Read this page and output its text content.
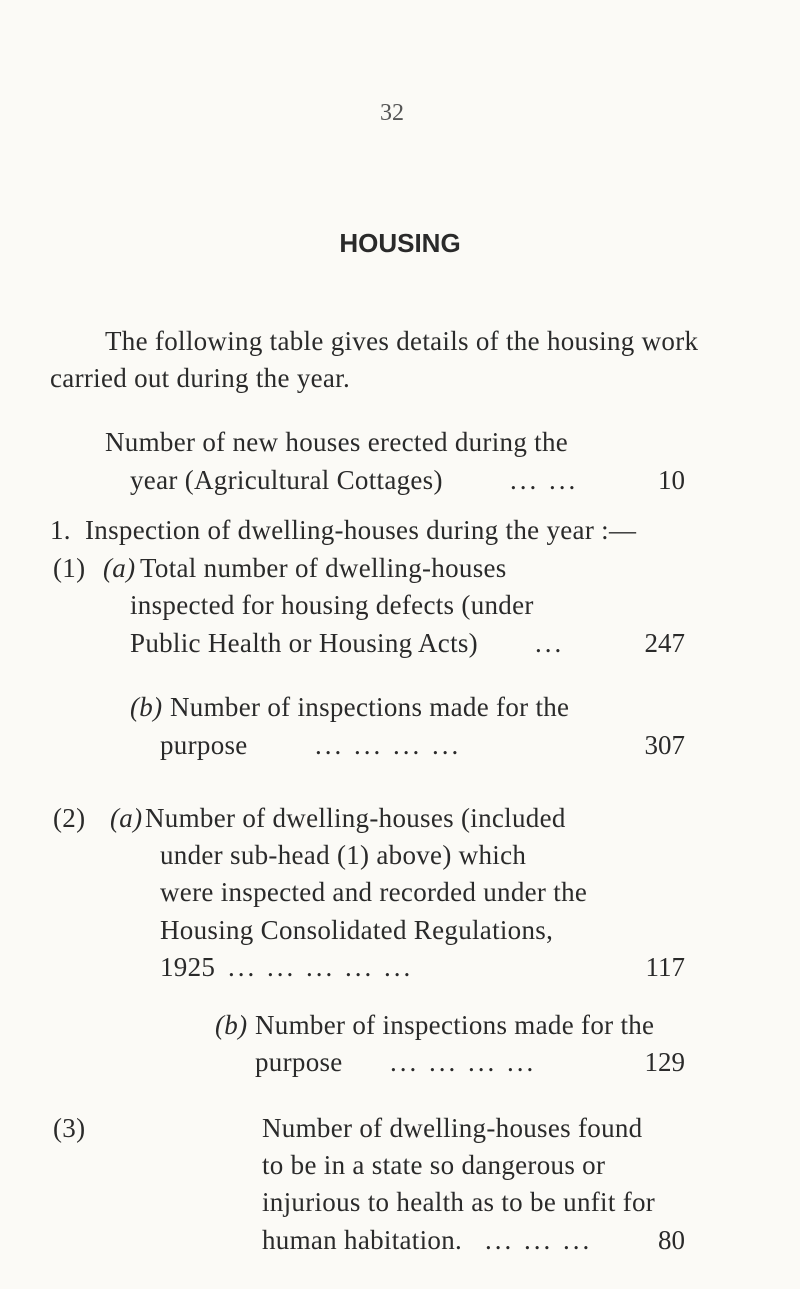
32
HOUSING
The following table gives details of the housing work
carried out during the year.
Number of new houses erected during the
year (Agricultural Cottages) ... ...	10
1. Inspection of dwelling-houses during the year :—
(1) (a) Total number of dwelling-houses
inspected for housing defects (under
Public Health or Housing Acts) ...	247
(b) Number of inspections made for the
purpose ... ... ... ...	307
(2) (a) Number of dwelling-houses (included
under sub-head (1) above) which
were inspected and recorded under the
Housing Consolidated Regulations,
1925 ... ... ... ... ...	117
(b) Number of inspections made for the
purpose ... ... ... ...	129
(3)	Number of dwelling-houses found
to be in a state so dangerous or
injurious to health as to be unfit for
human habitation. ... ... ...	80
